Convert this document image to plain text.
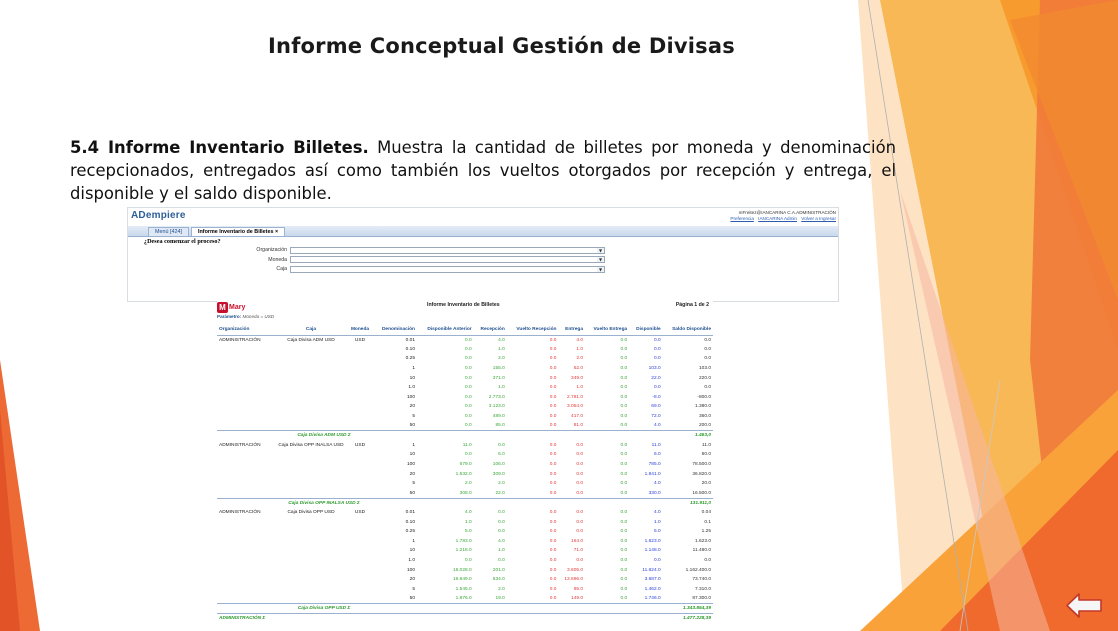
Informe Conceptual Gestión de Divisas
5.4 Informe Inventario Billetes. Muestra la cantidad de billetes por moneda y denominación recepcionados, entregados así como también los vueltos otorgados por recepción y entrega, el disponible y el saldo disponible.
ADempiere	mFreitez@IANCARINA C.A.ADMINISTRACIÓN
Preferencia IANCARINA Admin Volver a Ingresar
Menú [424]	Informe Inventario de Billetes ×
¿Desea comenzar el proceso?
Organización	▼
Moneda	▼
Caja	▼
M Mary	Informe Inventario de Billetes	Página 1 de 2
Parámetro: Moneda = USD
Organización	Caja	Moneda	Denominación	Disponible Anterior	Recepción	Vuelto Recepción	Entrega	Vuelto Entrega	Disponible	Saldo Disponible
ADMINISTRACIÓN	Caja Divisa ADM USD	USD	0.01	0.0	4.0	0.0	4.0	0.0	0.0	0.0
			0.10	0.0	1.0	0.0	1.0	0.0	0.0	0.0
			0.25	0.0	2.0	0.0	2.0	0.0	0.0	0.0
			1	0.0	155.0	0.0	52.0	0.0	103.0	103.0
			10	0.0	371.0	0.0	349.0	0.0	22.0	220.0
			1.0	0.0	1.0	0.0	1.0	0.0	0.0	0.0
			100	0.0	2.773.0	0.0	2.781.0	0.0	-8.0	-800.0
			20	0.0	3.123.0	0.0	3.054.0	0.0	69.0	1.380.0
			5	0.0	489.0	0.0	417.0	0.0	72.0	360.0
			50	0.0	85.0	0.0	81.0	0.0	4.0	200.0
	Caja Divisa ADM USD Σ									1.463,0
ADMINISTRACIÓN	Caja Divisa OPP INALSA USD	USD	1	11.0	0.0	0.0	0.0	0.0	11.0	11.0
			10	0.0	6.0	0.0	0.0	0.0	6.0	60.0
			100	679.0	106.0	0.0	0.0	0.0	785.0	78.500.0
			20	1.532.0	309.0	0.0	0.0	0.0	1.841.0	36.820.0
			5	2.0	2.0	0.0	0.0	0.0	4.0	20.0
			50	308.0	22.0	0.0	0.0	0.0	330.0	16.500.0
	Caja Divisa OPP INALSA USD Σ									131.911,0
ADMINISTRACIÓN	Caja Divisa OPP USD	USD	0.01	4.0	0.0	0.0	0.0	0.0	4.0	0.04
			0.10	1.0	0.0	0.0	0.0	0.0	1.0	0.1
			0.25	5.0	0.0	0.0	0.0	0.0	5.0	1.25
			1	1.783.0	4.0	0.0	164.0	0.0	1.623.0	1.623.0
			10	1.218.0	1.0	0.0	71.0	0.0	1.148.0	11.480.0
			1.0	0.0	0.0	0.0	0.0	0.0	0.0	0.0
			100	15.028.0	201.0	0.0	3.605.0	0.0	11.624.0	1.162.400.0
			20	16.849.0	534.0	0.0	13.696.0	0.0	3.687.0	73.740.0
			5	1.545.0	2.0	0.0	85.0	0.0	1.462.0	7.310.0
			50	1.876.0	19.0	0.0	149.0	0.0	1.746.0	87.300.0
	Caja Divisa OPP USD Σ									1.343.854,39
ADMINISTRACIÓN Σ										1.477.228,39
